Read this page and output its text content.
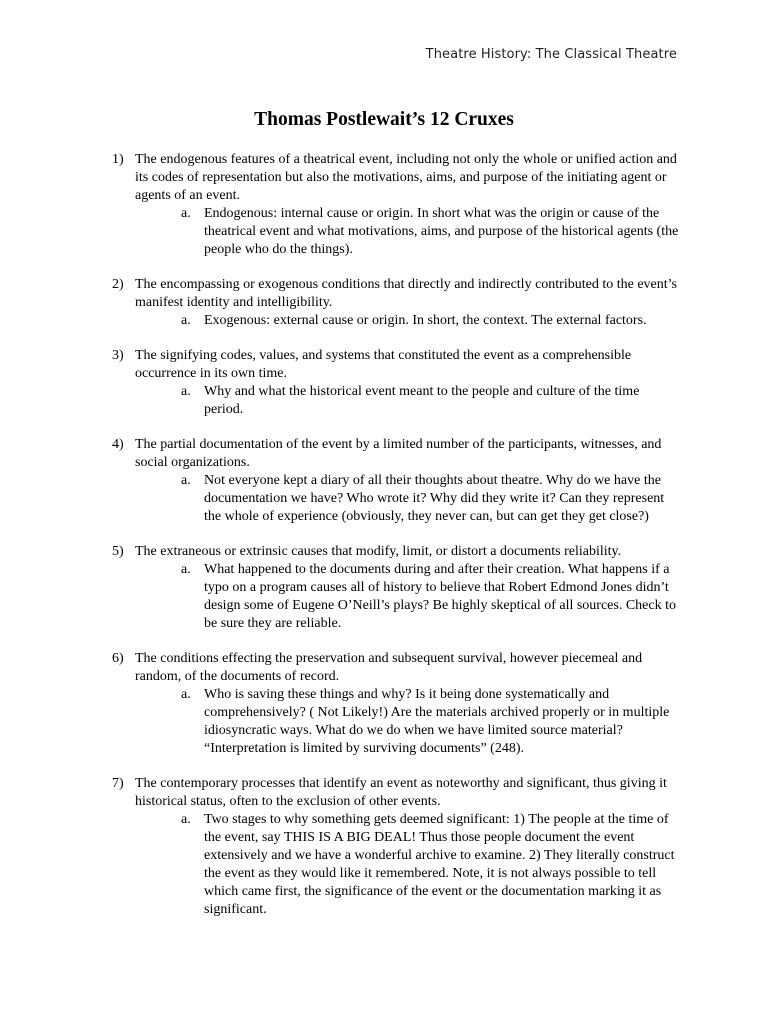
Theatre History: The Classical Theatre
Thomas Postlewait’s 12 Cruxes
1) The endogenous features of a theatrical event, including not only the whole or unified action and its codes of representation but also the motivations, aims, and purpose of the initiating agent or agents of an event.
a. Endogenous: internal cause or origin. In short what was the origin or cause of the theatrical event and what motivations, aims, and purpose of the historical agents (the people who do the things).
2) The encompassing or exogenous conditions that directly and indirectly contributed to the event’s manifest identity and intelligibility.
a. Exogenous: external cause or origin. In short, the context. The external factors.
3) The signifying codes, values, and systems that constituted the event as a comprehensible occurrence in its own time.
a. Why and what the historical event meant to the people and culture of the time period.
4) The partial documentation of the event by a limited number of the participants, witnesses, and social organizations.
a. Not everyone kept a diary of all their thoughts about theatre. Why do we have the documentation we have? Who wrote it? Why did they write it? Can they represent the whole of experience (obviously, they never can, but can get they get close?)
5) The extraneous or extrinsic causes that modify, limit, or distort a documents reliability.
a. What happened to the documents during and after their creation. What happens if a typo on a program causes all of history to believe that Robert Edmond Jones didn’t design some of Eugene O’Neill’s plays? Be highly skeptical of all sources. Check to be sure they are reliable.
6) The conditions effecting the preservation and subsequent survival, however piecemeal and random, of the documents of record.
a. Who is saving these things and why? Is it being done systematically and comprehensively? ( Not Likely!) Are the materials archived properly or in multiple idiosyncratic ways. What do we do when we have limited source material? “Interpretation is limited by surviving documents” (248).
7) The contemporary processes that identify an event as noteworthy and significant, thus giving it historical status, often to the exclusion of other events.
a. Two stages to why something gets deemed significant: 1) The people at the time of the event, say THIS IS A BIG DEAL! Thus those people document the event extensively and we have a wonderful archive to examine. 2) They literally construct the event as they would like it remembered. Note, it is not always possible to tell which came first, the significance of the event or the documentation marking it as significant.
